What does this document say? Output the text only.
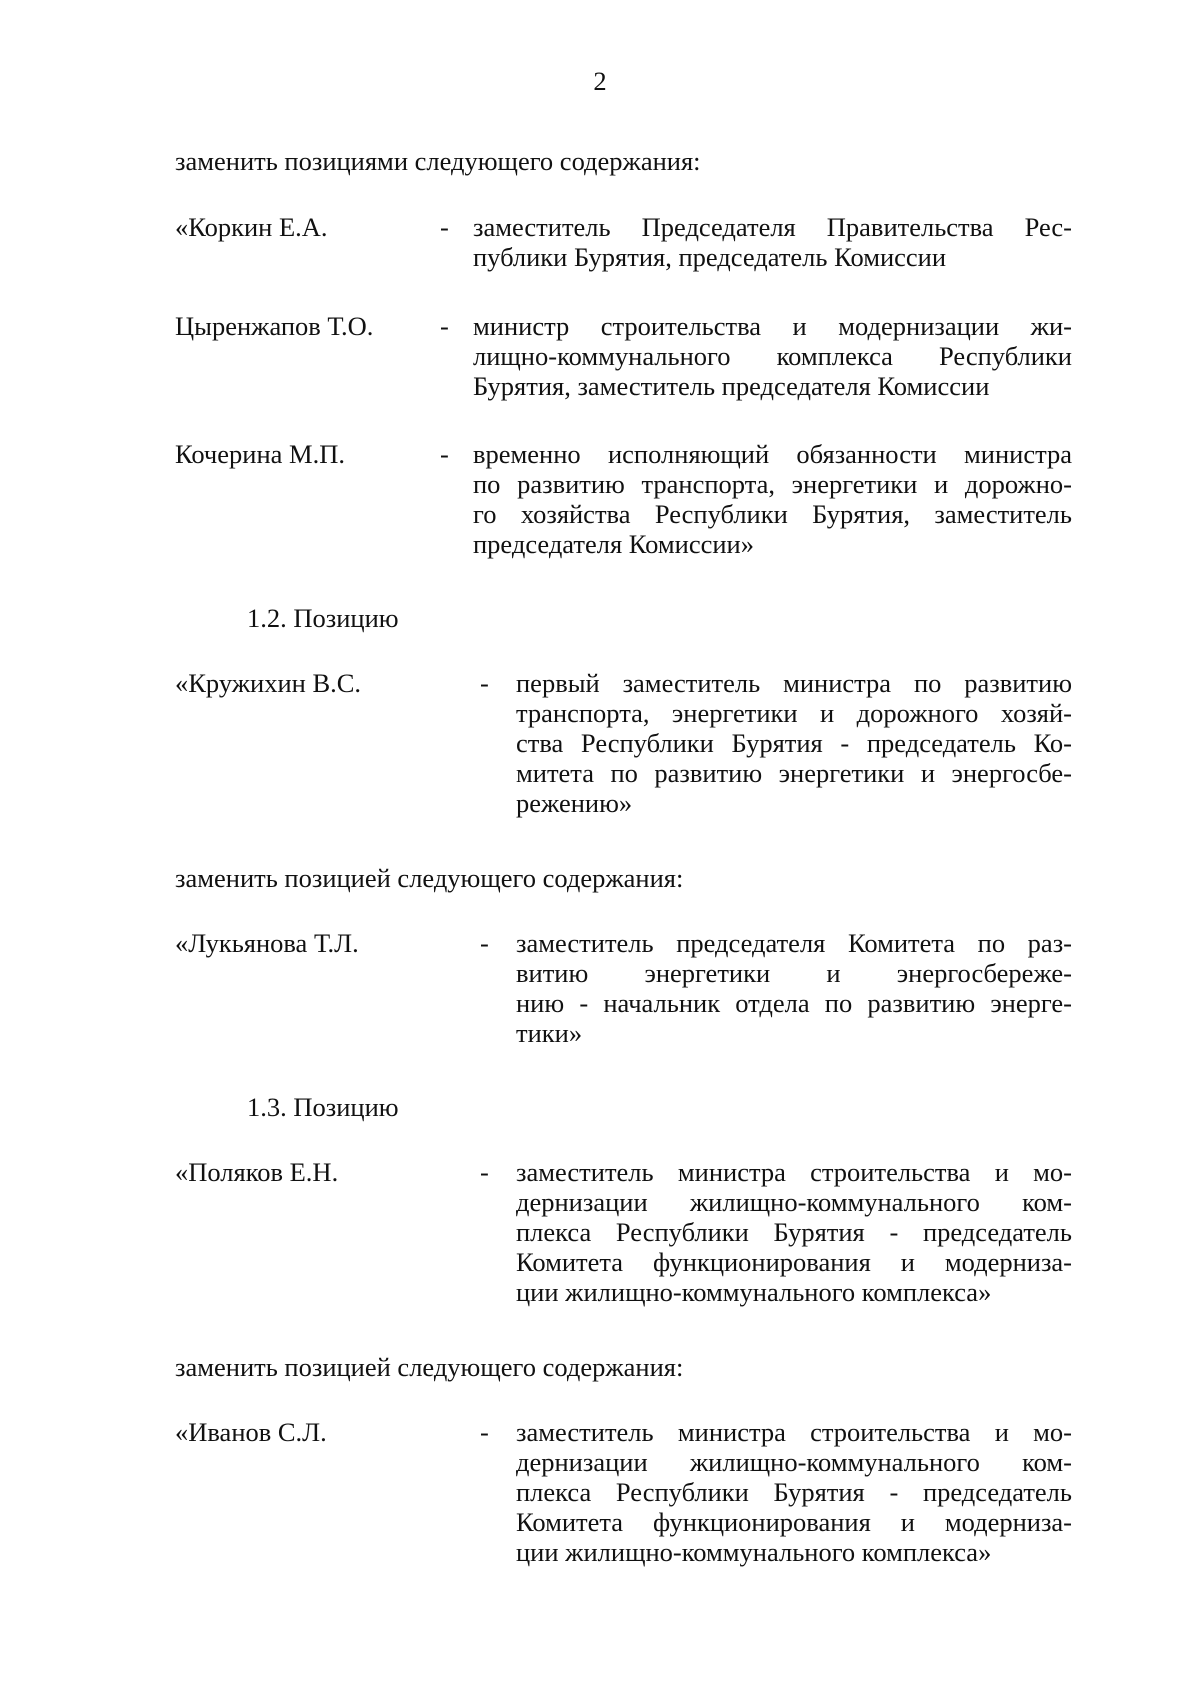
2
заменить позициями следующего содержания:
«Коркин Е.А.	- заместитель Председателя Правительства Рес-
публики Бурятия, председатель Комиссии
Цыренжапов Т.О.	- министр строительства и модернизации жи-
лищно-коммунального комплекса Республики
Бурятия, заместитель председателя Комиссии
Кочерина М.П.	- временно исполняющий обязанности министра
по развитию транспорта, энергетики и дорожно-
го хозяйства Республики Бурятия, заместитель
председателя Комиссии»
1.2. Позицию
«Кружихин В.С.	- первый заместитель министра по развитию
транспорта, энергетики и дорожного хозяй-
ства Республики Бурятия - председатель Ко-
митета по развитию энергетики и энергосбе-
режению»
заменить позицией следующего содержания:
«Лукьянова Т.Л.	- заместитель председателя Комитета по раз-
витию энергетики и энергосбереже-
нию - начальник отдела по развитию энерге-
тики»
1.3. Позицию
«Поляков Е.Н.	- заместитель министра строительства и мо-
дернизации жилищно-коммунального ком-
плекса Республики Бурятия - председатель
Комитета функционирования и модерниза-
ции жилищно-коммунального комплекса»
заменить позицией следующего содержания:
«Иванов С.Л.	- заместитель министра строительства и мо-
дернизации жилищно-коммунального ком-
плекса Республики Бурятия - председатель
Комитета функционирования и модерниза-
ции жилищно-коммунального комплекса»
